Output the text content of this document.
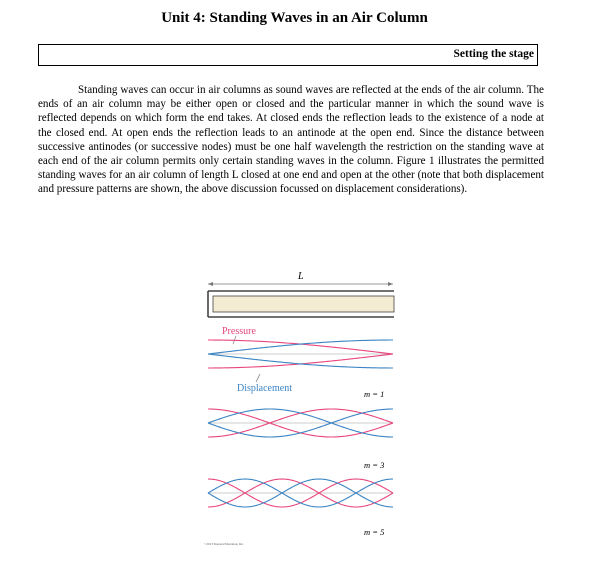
Unit 4: Standing Waves in an Air Column
Setting the stage
Standing waves can occur in air columns as sound waves are reflected at the ends of the air column. The ends of an air column may be either open or closed and the particular manner in which the sound wave is reflected depends on which form the end takes. At closed ends the reflection leads to the existence of a node at the closed end. At open ends the reflection leads to an antinode at the open end. Since the distance between successive antinodes (or successive nodes) must be one half wavelength the restriction on the standing wave at each end of the air column permits only certain standing waves in the column. Figure 1 illustrates the permitted standing waves for an air column of length L closed at one end and open at the other (note that both displacement and pressure patterns are shown, the above discussion focussed on displacement considerations).
L
Pressure
Displacement	m = 1
m = 3
m = 5
©2013 Pearson Education, Inc.
